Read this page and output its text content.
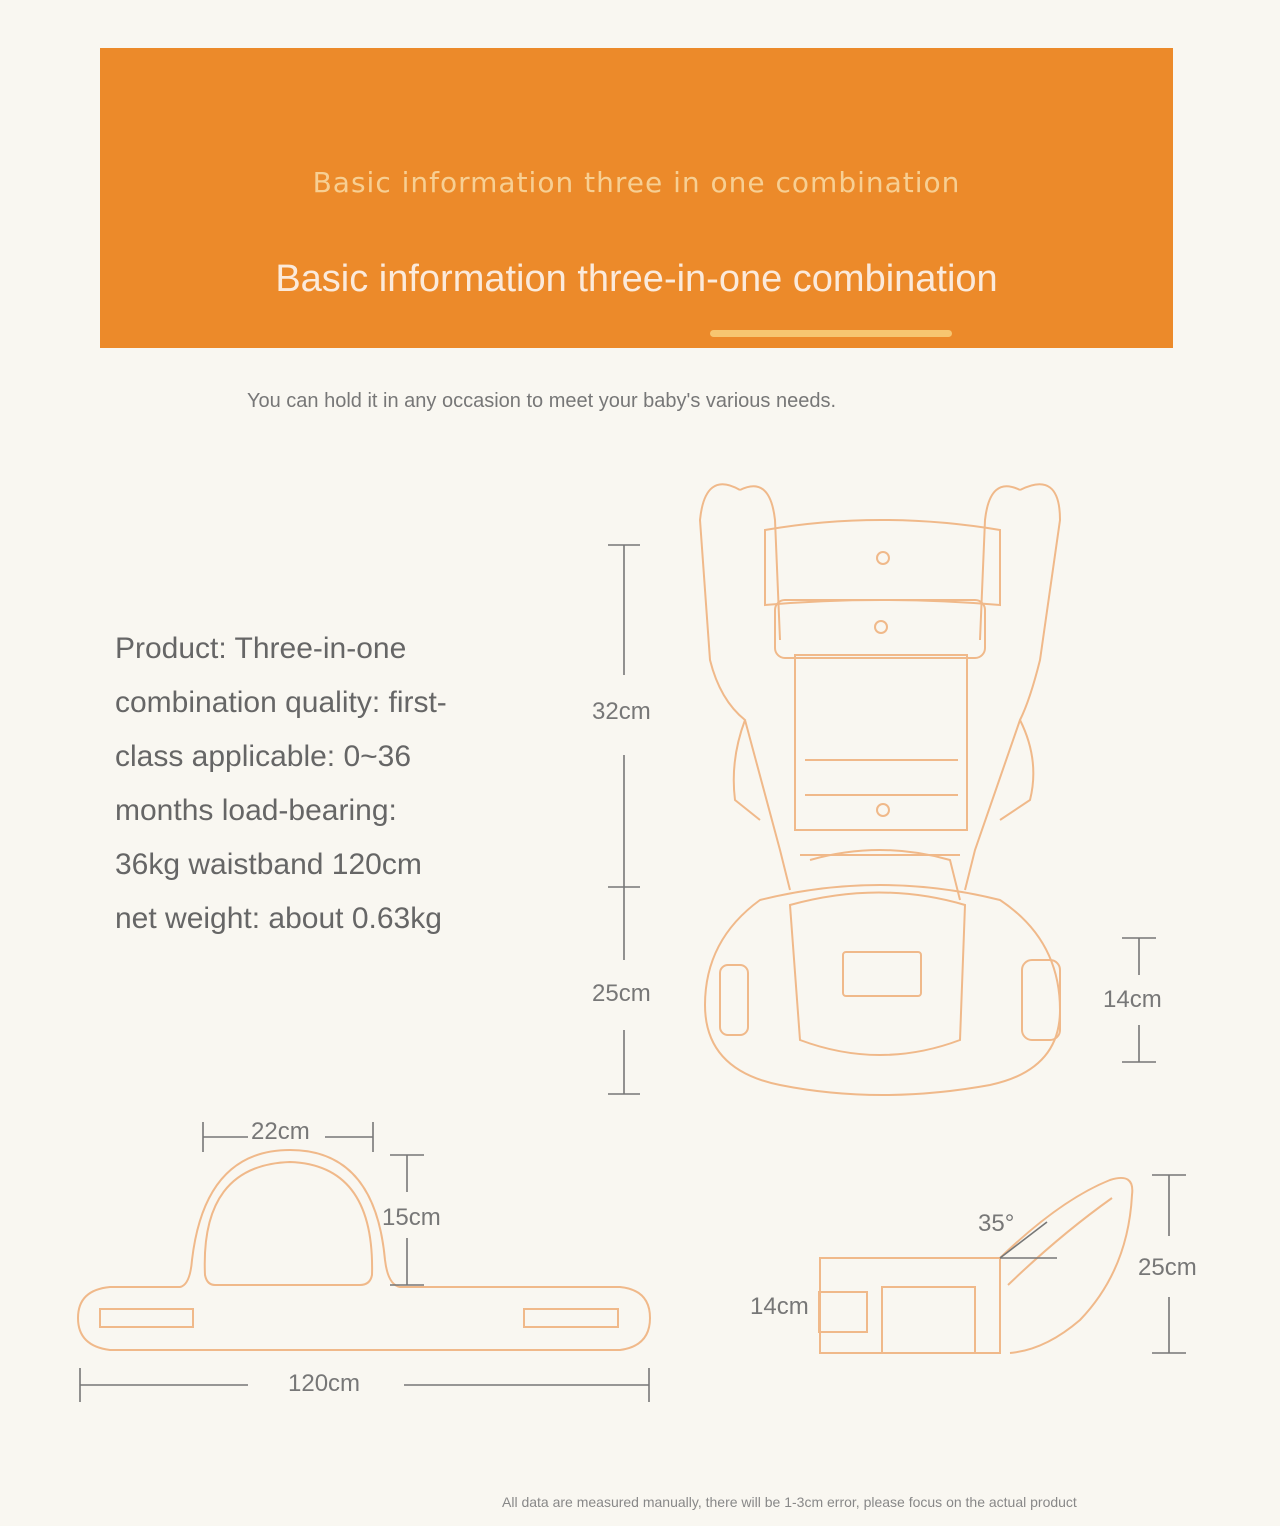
Basic information three in one combination
Basic information three-in-one combination
You can hold it in any occasion to meet your baby's various needs.
Product: Three-in-one
combination quality: first-
class applicable: 0~36
months load-bearing:
36kg waistband 120cm
net weight: about 0.63kg
32cm
25cm	14cm
22cm
15cm
120cm
35°
25cm
14cm
All data are measured manually, there will be 1-3cm error, please focus on the actual product
